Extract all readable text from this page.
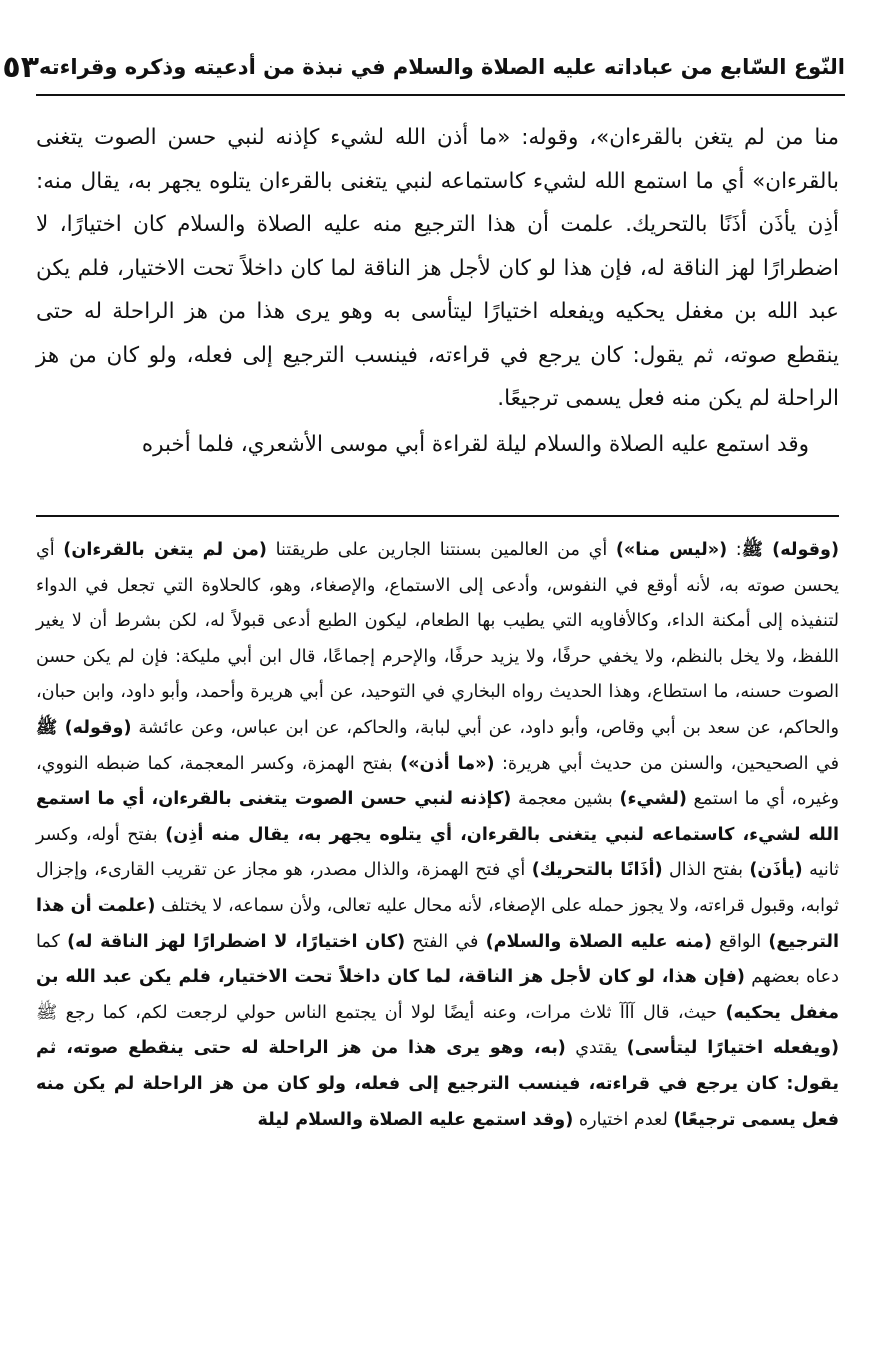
النّوع السّابع من عباداته عليه الصلاة والسلام في نبذة من أدعيته وذكره وقراءته
٥٣

منا من لم يتغن بالقرءان»، وقوله: «ما أذن الله لشيء كإذنه لنبي حسن الصوت يتغنى بالقرءان» أي ما استمع الله لشيء كاستماعه لنبي يتغنى بالقرءان يتلوه يجهر به، يقال منه: أذِن يأذَن أذَنًا بالتحريك. علمت أن هذا الترجيع منه عليه الصلاة والسلام كان اختيارًا، لا اضطرارًا لهز الناقة له، فإن هذا لو كان لأجل هز الناقة لما كان داخلاً تحت الاختيار، فلم يكن عبد الله بن مغفل يحكيه ويفعله اختيارًا ليتأسى به وهو يرى هذا من هز الراحلة له حتى ينقطع صوته، ثم يقول: كان يرجع في قراءته، فينسب الترجيع إلى فعله، ولو كان من هز الراحلة لم يكن منه فعل يسمى ترجيعًا.

وقد استمع عليه الصلاة والسلام ليلة لقراءة أبي موسى الأشعري، فلما أخبره

(وقوله) ﷺ: («ليس منا») أي من العالمين بسنتنا الجارين على طريقتنا (من لم يتغن بالقرءان) أي يحسن صوته به، لأنه أوقع في النفوس، وأدعى إلى الاستماع، والإصغاء، وهو، كالحلاوة التي تجعل في الدواء لتنفيذه إلى أمكنة الداء، وكالأفاويه التي يطيب بها الطعام، ليكون الطبع أدعى قبولاً له، لكن بشرط أن لا يغير اللفظ، ولا يخل بالنظم، ولا يخفي حرفًا، ولا يزيد حرفًا، والإحرم إجماعًا، قال ابن أبي مليكة: فإن لم يكن حسن الصوت حسنه، ما استطاع، وهذا الحديث رواه البخاري في التوحيد، عن أبي هريرة وأحمد، وأبو داود، وابن حبان، والحاكم، عن سعد بن أبي وقاص، وأبو داود، عن أبي لبابة، والحاكم، عن ابن عباس، وعن عائشة (وقوله) ﷺ في الصحيحين، والسنن من حديث أبي هريرة: («ما أذن») بفتح الهمزة، وكسر المعجمة، كما ضبطه النووي، وغيره، أي ما استمع (لشيء) بشين معجمة (كإذنه لنبي حسن الصوت يتغنى بالقرءان، أي ما استمع الله لشيء، كاستماعه لنبي يتغنى بالقرءان، أي يتلوه يجهر به، يقال منه أذِن) بفتح أوله، وكسر ثانيه (يأذَن) بفتح الذال (أذَانًا بالتحريك) أي فتح الهمزة، والذال مصدر، هو مجاز عن تقريب القارىء، وإجزال ثوابه، وقبول قراءته، ولا يجوز حمله على الإصغاء، لأنه محال عليه تعالى، ولأن سماعه، لا يختلف (علمت أن هذا الترجيع) الواقع (منه عليه الصلاة والسلام) في الفتح (كان اختيارًا، لا اضطرارًا لهز الناقة له) كما دعاه بعضهم (فإن هذا، لو كان لأجل هز الناقة، لما كان داخلاً تحت الاختيار، فلم يكن عبد الله بن مغفل يحكيه) حيث، قال آآآ ثلاث مرات، وعنه أيضًا لولا أن يجتمع الناس حولي لرجعت لكم، كما رجع ﷺ (ويفعله اختيارًا ليتأسى) يقتدي (به، وهو يرى هذا من هز الراحلة له حتى ينقطع صوته، ثم يقول: كان يرجع في قراءته، فينسب الترجيع إلى فعله، ولو كان من هز الراحلة لم يكن منه فعل يسمى ترجيعًا) لعدم اختياره (وقد استمع عليه الصلاة والسلام ليلة
